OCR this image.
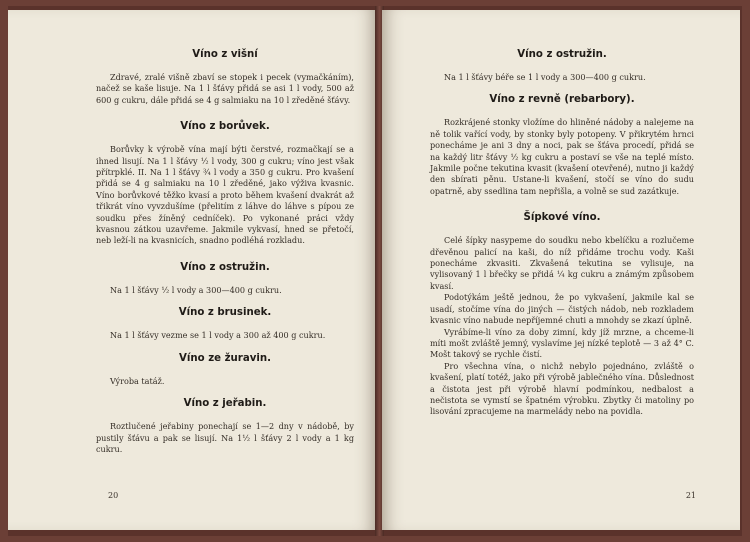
Víno z višní

Zdravé, zralé višně zbaví se stopek i pecek (vymačkáním), načež se kaše lisuje. Na 1 l šťávy přidá se asi 1 l vody, 500 až 600 g cukru, dále přidá se 4 g salmiaku na 10 l zředěné šťávy.

Víno z borůvek.

Borůvky k výrobě vína mají býti čerstvé, rozmačkají se a ihned lisují. Na 1 l šťávy ½ l vody, 300 g cukru; víno jest však přítrpklé. II. Na 1 l šťávy ¾ l vody a 350 g cukru. Pro kvašení přidá se 4 g salmiaku na 10 l zředěné, jako výživa kvasnic. Víno borůvkové těžko kvasí a proto během kvašení dvakrát až třikrát víno vyvzdušíme (přelitím z láhve do láhve s pípou ze soudku přes žíněný cedníček). Po vykonané práci vždy kvasnou zátkou uzavřeme. Jakmile vykvasí, hned se přetočí, neb leží-li na kvasnicích, snadno podléhá rozkladu.

Víno z ostružin.

Na 1 l šťávy ½ l vody a 300—400 g cukru.

Víno z brusinek.

Na 1 l šťávy vezme se 1 l vody a 300 až 400 g cukru.

Víno ze žuravin.

Výroba tatáž.

Víno z jeřabin.

Roztlučené jeřabiny ponechají se 1—2 dny v nádobě, by pustily šťávu a pak se lisují. Na 1½ l šťávy 2 l vody a 1 kg cukru.

20
Víno z ostružin.

Na 1 l šťávy béře se 1 l vody a 300—400 g cukru.

Víno z revně (rebarbory).

Rozkrájené stonky vložíme do hliněné nádoby a nalejeme na ně tolik vařící vody, by stonky byly potopeny. V přikrytém hrnci ponecháme je ani 3 dny a noci, pak se šťáva procedí, přidá se na každý litr šťávy ½ kg cukru a postaví se vše na teplé místo. Jakmile počne tekutina kvasit (kvašení otevřené), nutno ji každý den sbírati pěnu. Ustane-li kvašení, stočí se víno do sudu opatrně, aby ssedlina tam nepřišla, a volně se sud zazátkuje.

Šípkové víno.

Celé šípky nasypeme do soudku nebo kbelíčku a rozlučeme dřevěnou palicí na kaši, do níž přidáme trochu vody. Kaši ponecháme zkvasiti. Zkvašená tekutina se vylisuje, na vylisovaný 1 l břečky se přidá ¼ kg cukru a známým způsobem kvasí.

Podotýkám ještě jednou, že po vykvašení, jakmile kal se usadí, stočíme vína do jiných — čistých nádob, neb rozkladem kvasnic víno nabude nepříjemné chuti a mnohdy se zkazí úplně.

Vyrábíme-li víno za doby zimní, kdy jíž mrzne, a chceme-li míti mošt zvláště jemný, vyslavíme jej nízké teplotě — 3 až 4° C. Mošt takový se rychle čistí.

Pro všechna vína, o nichž nebylo pojednáno, zvláště o kvašení, platí totéž, jako při výrobě jablečného vína. Důslednost a čistota jest při výrobě hlavní podmínkou, nedbalost a nečistota se vymstí se špatném výrobku. Zbytky či matoliny po lisování zpracujeme na marmelády nebo na povidla.

21
